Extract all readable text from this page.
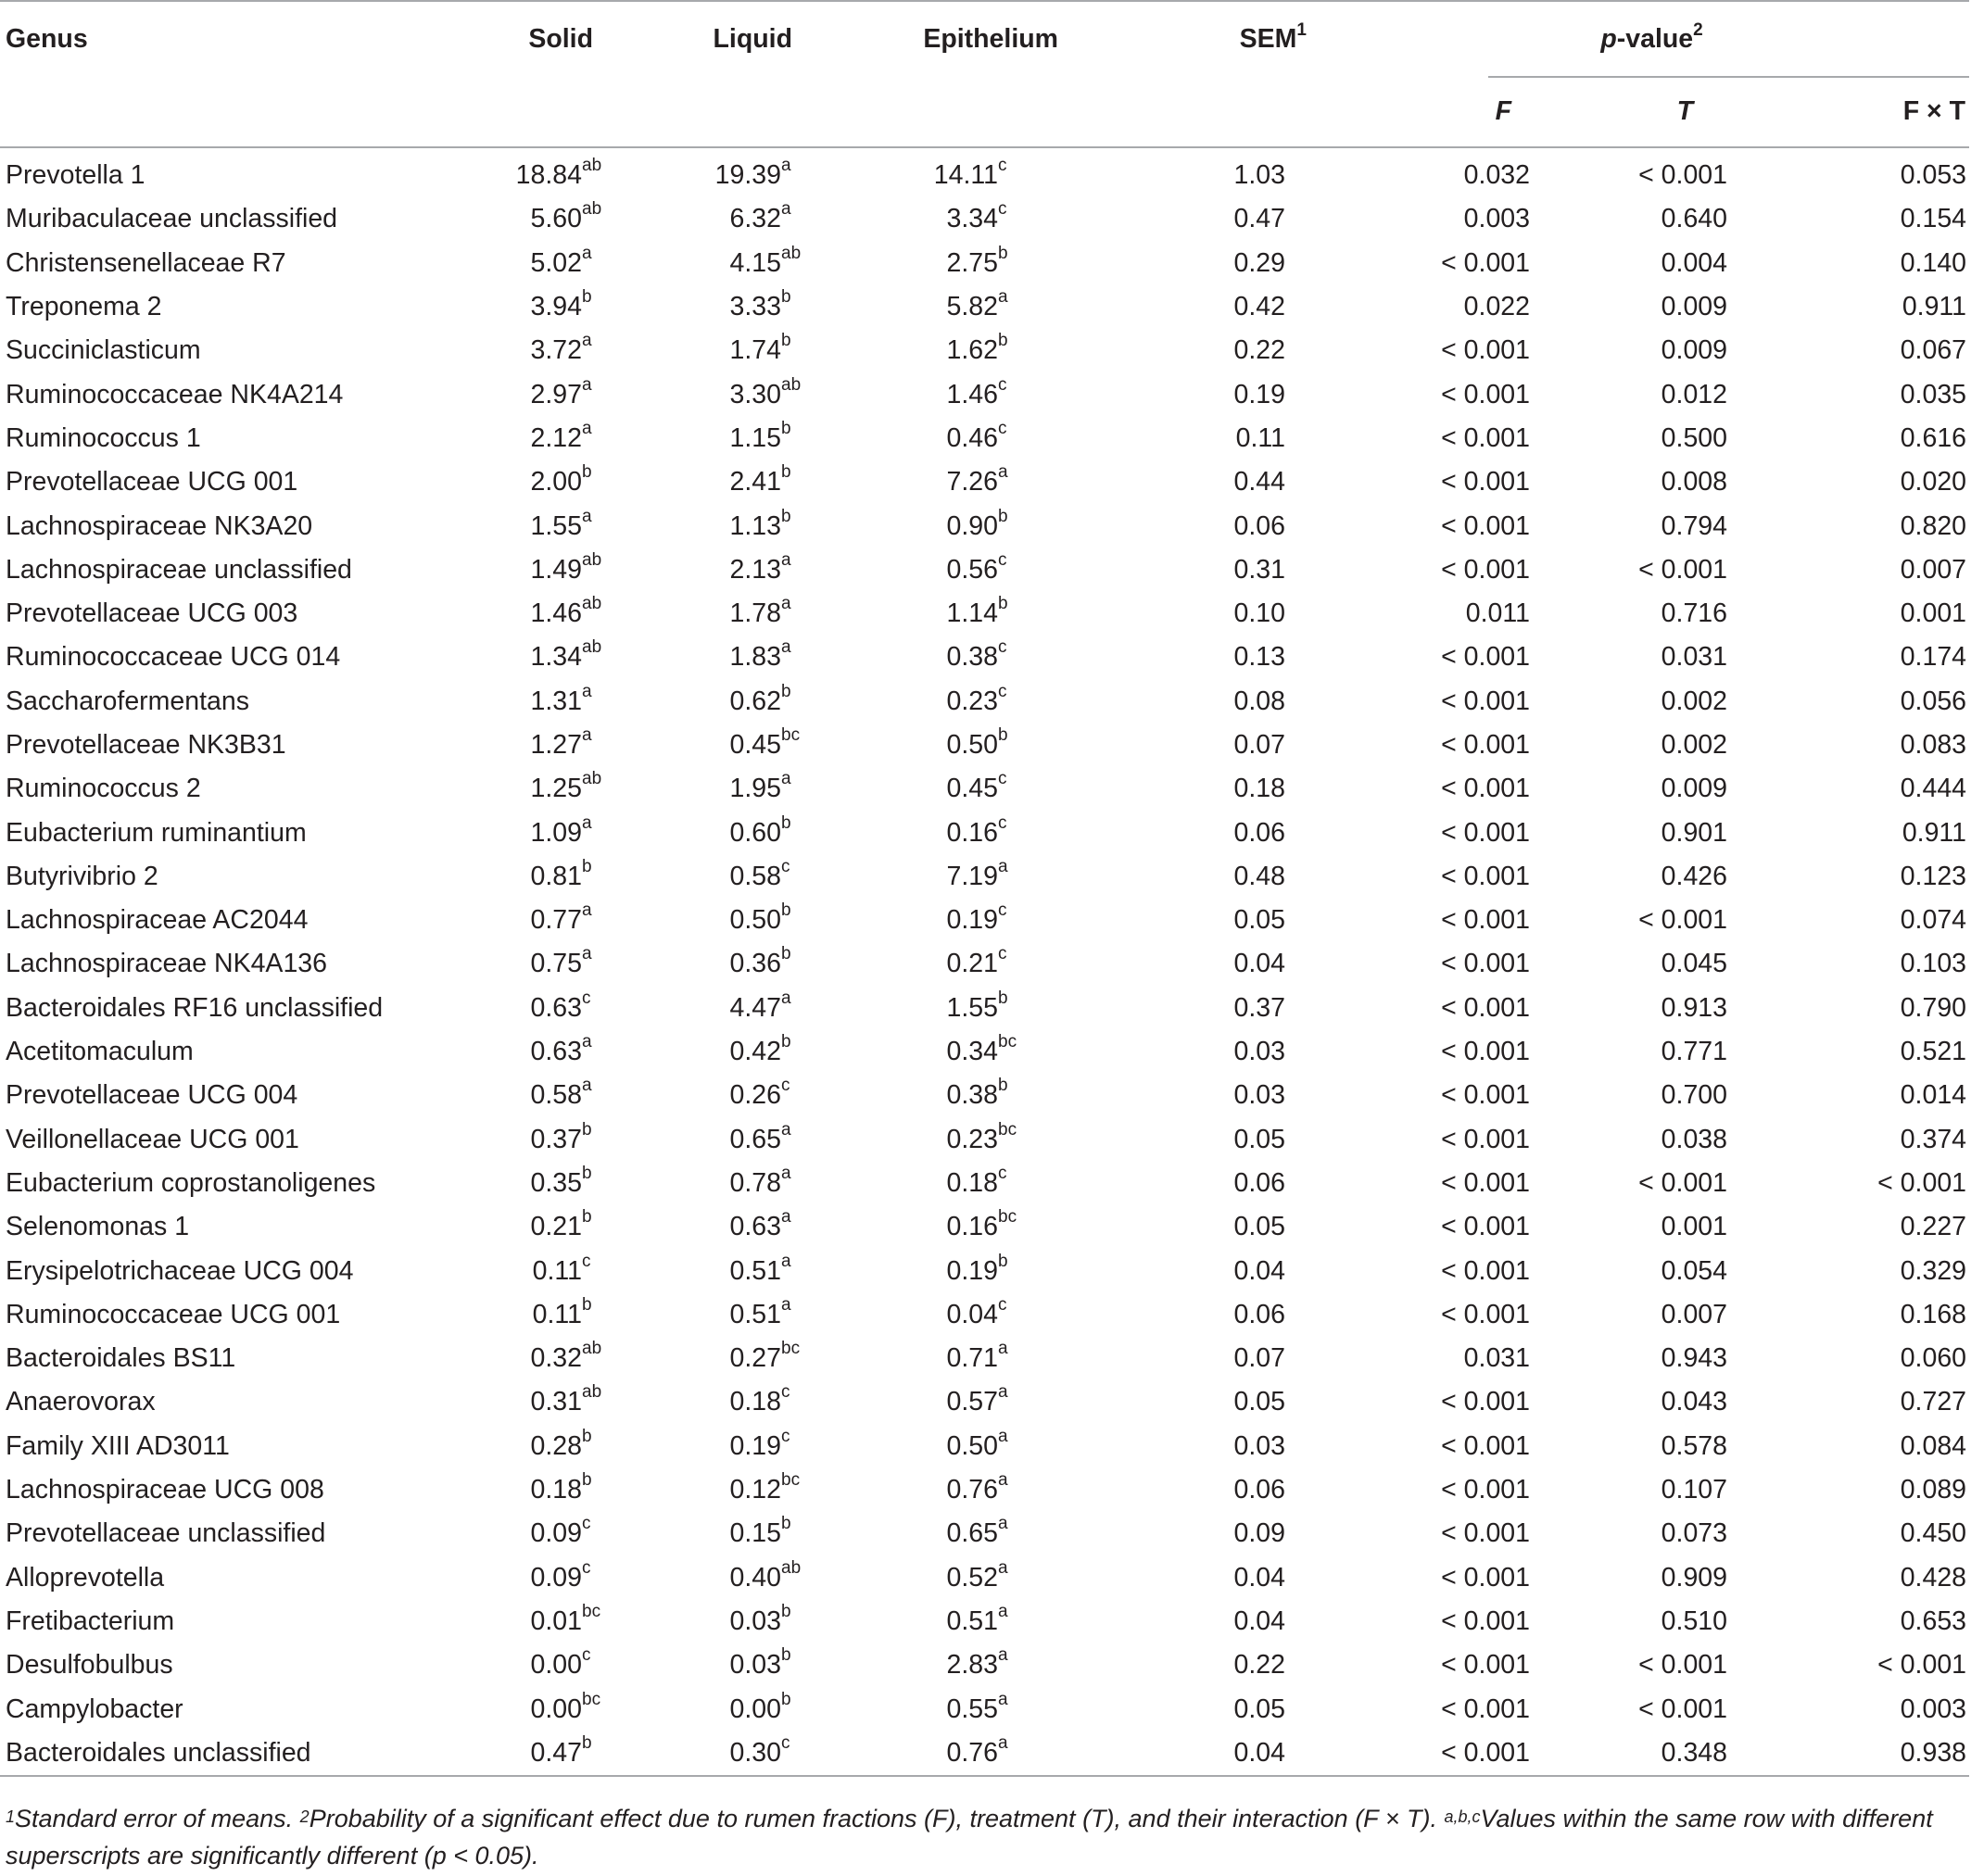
Genus	Solid	Liquid	Epithelium	SEM$^1$	p-value$^2$
					F	T	F × T
Prevotella 1	18.84 ab	19.39 a	14.11 c	1.03	0.032	< 0.001	0.053
Muribaculaceae unclassified	5.60 ab	6.32 a	3.34 c	0.47	0.003	0.640	0.154
Christensenellaceae R7	5.02 a	4.15 ab	2.75 b	0.29	< 0.001	0.004	0.140
Treponema 2	3.94 b	3.33 b	5.82 a	0.42	0.022	0.009	0.911
Succiniclasticum	3.72 a	1.74 b	1.62 b	0.22	< 0.001	0.009	0.067
Ruminococcaceae NK4A214	2.97 a	3.30 ab	1.46 c	0.19	< 0.001	0.012	0.035
Ruminococcus 1	2.12 a	1.15 b	0.46 c	0.11	< 0.001	0.500	0.616
Prevotellaceae UCG 001	2.00 b	2.41 b	7.26 a	0.44	< 0.001	0.008	0.020
Lachnospiraceae NK3A20	1.55 a	1.13 b	0.90 b	0.06	< 0.001	0.794	0.820
Lachnospiraceae unclassified	1.49 ab	2.13 a	0.56 c	0.31	< 0.001	< 0.001	0.007
Prevotellaceae UCG 003	1.46 ab	1.78 a	1.14 b	0.10	0.011	0.716	0.001
Ruminococcaceae UCG 014	1.34 ab	1.83 a	0.38 c	0.13	< 0.001	0.031	0.174
Saccharofermentans	1.31 a	0.62 b	0.23 c	0.08	< 0.001	0.002	0.056
Prevotellaceae NK3B31	1.27 a	0.45 bc	0.50 b	0.07	< 0.001	0.002	0.083
Ruminococcus 2	1.25 ab	1.95 a	0.45 c	0.18	< 0.001	0.009	0.444
Eubacterium ruminantium	1.09 a	0.60 b	0.16 c	0.06	< 0.001	0.901	0.911
Butyrivibrio 2	0.81 b	0.58 c	7.19 a	0.48	< 0.001	0.426	0.123
Lachnospiraceae AC2044	0.77 a	0.50 b	0.19 c	0.05	< 0.001	< 0.001	0.074
Lachnospiraceae NK4A136	0.75 a	0.36 b	0.21 c	0.04	< 0.001	0.045	0.103
Bacteroidales RF16 unclassified	0.63 c	4.47 a	1.55 b	0.37	< 0.001	0.913	0.790
Acetitomaculum	0.63 a	0.42 b	0.34 bc	0.03	< 0.001	0.771	0.521
Prevotellaceae UCG 004	0.58 a	0.26 c	0.38 b	0.03	< 0.001	0.700	0.014
Veillonellaceae UCG 001	0.37 b	0.65 a	0.23 bc	0.05	< 0.001	0.038	0.374
Eubacterium coprostanoligenes	0.35 b	0.78 a	0.18 c	0.06	< 0.001	< 0.001	< 0.001
Selenomonas 1	0.21 b	0.63 a	0.16 bc	0.05	< 0.001	0.001	0.227
Erysipelotrichaceae UCG 004	0.11 c	0.51 a	0.19 b	0.04	< 0.001	0.054	0.329
Ruminococcaceae UCG 001	0.11 b	0.51 a	0.04 c	0.06	< 0.001	0.007	0.168
Bacteroidales BS11	0.32 ab	0.27 bc	0.71 a	0.07	0.031	0.943	0.060
Anaerovorax	0.31 ab	0.18 c	0.57 a	0.05	< 0.001	0.043	0.727
Family XIII AD3011	0.28 b	0.19 c	0.50 a	0.03	< 0.001	0.578	0.084
Lachnospiraceae UCG 008	0.18 b	0.12 bc	0.76 a	0.06	< 0.001	0.107	0.089
Prevotellaceae unclassified	0.09 c	0.15 b	0.65 a	0.09	< 0.001	0.073	0.450
Alloprevotella	0.09 c	0.40 ab	0.52 a	0.04	< 0.001	0.909	0.428
Fretibacterium	0.01 bc	0.03 b	0.51 a	0.04	< 0.001	0.510	0.653
Desulfobulbus	0.00 c	0.03 b	2.83 a	0.22	< 0.001	< 0.001	< 0.001
Campylobacter	0.00 bc	0.00 b	0.55 a	0.05	< 0.001	< 0.001	0.003
Bacteroidales unclassified	0.47 b	0.30 c	0.76 a	0.04	< 0.001	0.348	0.938
$^1$Standard error of means. $^2$Probability of a significant effect due to rumen fractions (F), treatment (T), and their interaction (F × T). $^{a,b,c}$Values within the same row with different superscripts are significantly different (p < 0.05).
